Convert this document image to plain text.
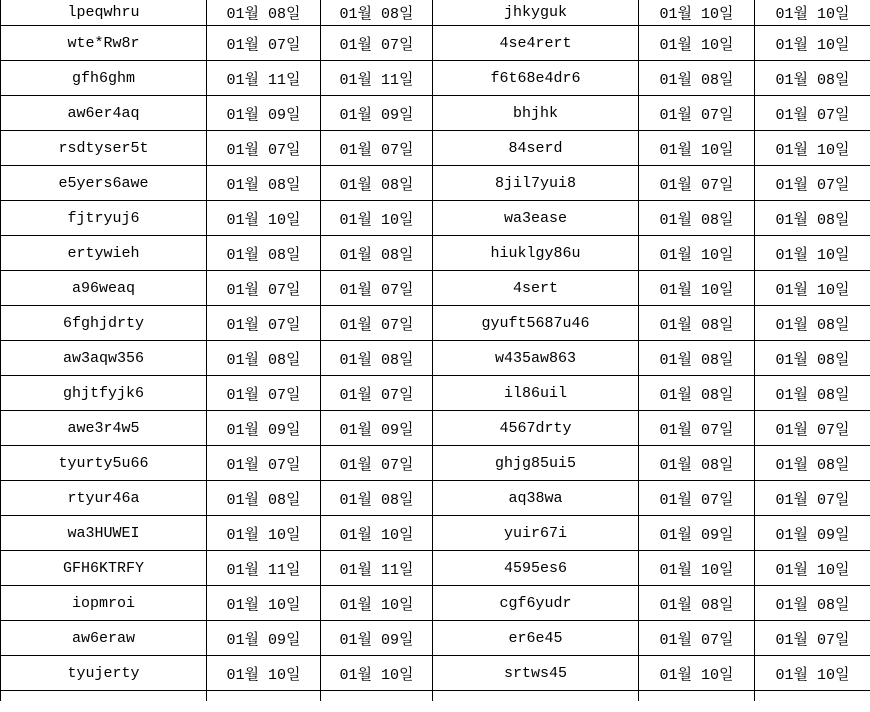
lpeqwhru	01월 08일	01월 08일	jhkyguk	01월 10일	01월 10일
wte*Rw8r	01월 07일	01월 07일	4se4rert	01월 10일	01월 10일
gfh6ghm	01월 11일	01월 11일	f6t68e4dr6	01월 08일	01월 08일
aw6er4aq	01월 09일	01월 09일	bhjhk	01월 07일	01월 07일
rsdtyser5t	01월 07일	01월 07일	84serd	01월 10일	01월 10일
e5yers6awe	01월 08일	01월 08일	8jil7yui8	01월 07일	01월 07일
fjtryuj6	01월 10일	01월 10일	wa3ease	01월 08일	01월 08일
ertywieh	01월 08일	01월 08일	hiuklgy86u	01월 10일	01월 10일
a96weaq	01월 07일	01월 07일	4sert	01월 10일	01월 10일
6fghjdrty	01월 07일	01월 07일	gyuft5687u46	01월 08일	01월 08일
aw3aqw356	01월 08일	01월 08일	w435aw863	01월 08일	01월 08일
ghjtfyjk6	01월 07일	01월 07일	il86uil	01월 08일	01월 08일
awe3r4w5	01월 09일	01월 09일	4567drty	01월 07일	01월 07일
tyurty5u66	01월 07일	01월 07일	ghjg85ui5	01월 08일	01월 08일
rtyur46a	01월 08일	01월 08일	aq38wa	01월 07일	01월 07일
wa3HUWEI	01월 10일	01월 10일	yuir67i	01월 09일	01월 09일
GFH6KTRFY	01월 11일	01월 11일	4595es6	01월 10일	01월 10일
iopmroi	01월 10일	01월 10일	cgf6yudr	01월 08일	01월 08일
aw6eraw	01월 09일	01월 09일	er6e45	01월 07일	01월 07일
tyujerty	01월 10일	01월 10일	srtws45	01월 10일	01월 10일
